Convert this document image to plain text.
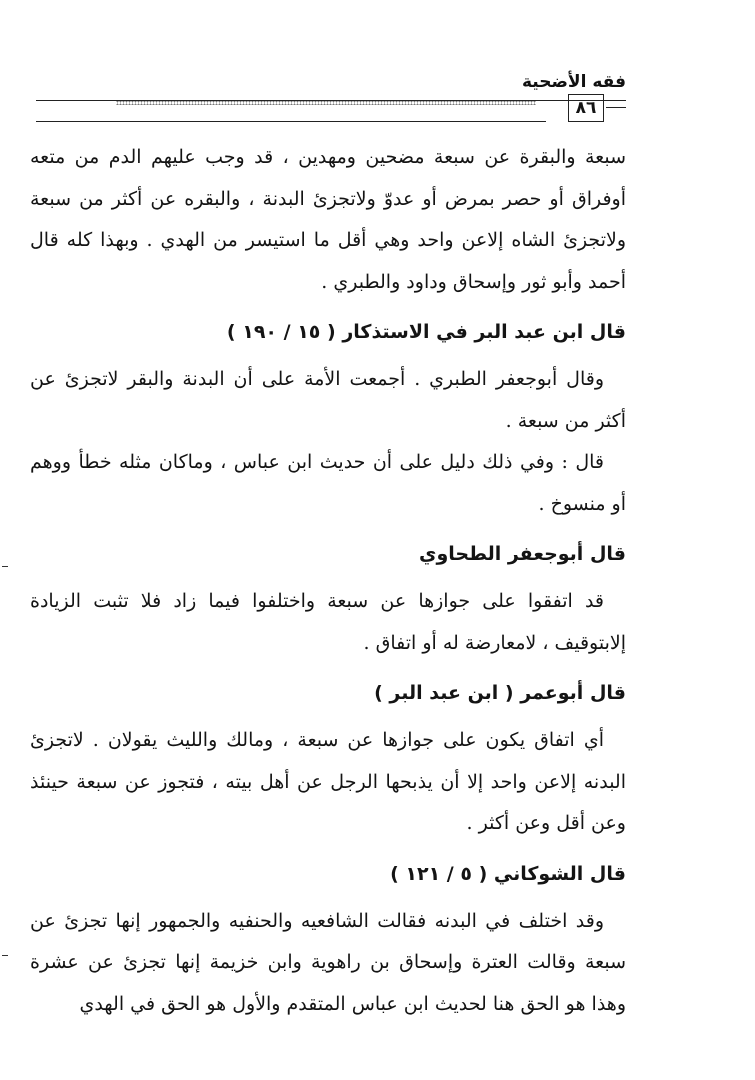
فقه الأضحية
٨٦

سبعة والبقرة عن سبعة مضحين ومهدين ، قد وجب عليهم الدم من متعه أوفراق أو حصر بمرض أو عدوّ ولاتجزئ البدنة ، والبقره عن أكثر من سبعة ولاتجزئ الشاه إلاعن واحد وهي أقل ما استيسر من الهدي . وبهذا كله قال أحمد وأبو ثور وإسحاق وداود والطبري .

قال ابن عبد البر في الاستذكار ( ١٥ / ١٩٠ )

وقال أبوجعفر الطبري . أجمعت الأمة على أن البدنة والبقر لاتجزئ عن أكثر من سبعة .

قال : وفي ذلك دليل على أن حديث ابن عباس ، وماكان مثله خطأ ووهم أو منسوخ .

قال أبوجعفر الطحاوي

قد اتفقوا على جوازها عن سبعة واختلفوا فيما زاد فلا تثبت الزيادة إلابتوقيف ، لامعارضة له أو اتفاق .

قال أبوعمر ( ابن عبد البر )

أي اتفاق يكون على جوازها عن سبعة ، ومالك والليث يقولان . لاتجزئ البدنه إلاعن واحد إلا أن يذبحها الرجل عن أهل بيته ، فتجوز عن سبعة حينئذ وعن أقل وعن أكثر .

قال الشوكاني ( ٥ / ١٢١ )

وقد اختلف في البدنه فقالت الشافعيه والحنفيه والجمهور إنها تجزئ عن سبعة وقالت العترة وإسحاق بن راهوية وابن خزيمة إنها تجزئ عن عشرة وهذا هو الحق هنا لحديث ابن عباس المتقدم والأول هو الحق في الهدي
